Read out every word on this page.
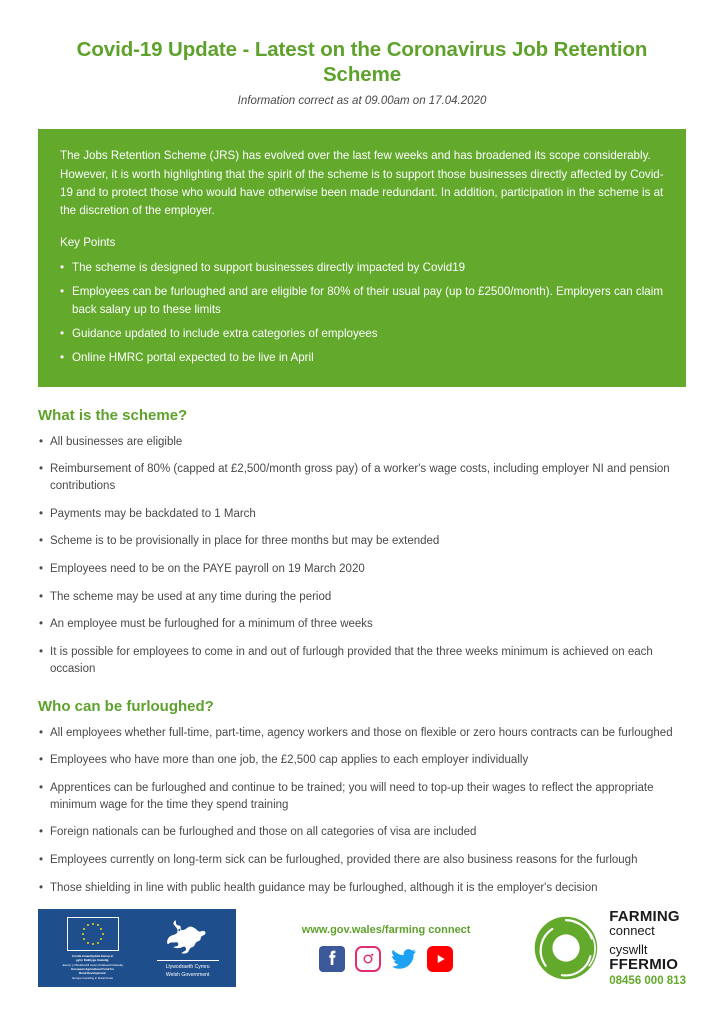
Covid-19 Update - Latest on the Coronavirus Job Retention Scheme

Information correct as at 09.00am on 17.04.2020

The Jobs Retention Scheme (JRS) has evolved over the last few weeks and has broadened its scope considerably. However, it is worth highlighting that the spirit of the scheme is to support those businesses directly affected by Covid-19 and to protect those who would have otherwise been made redundant. In addition, participation in the scheme is at the discretion of the employer.

Key Points

• The scheme is designed to support businesses directly impacted by Covid19
• Employees can be furloughed and are eligible for 80% of their usual pay (up to £2500/month). Employers can claim back salary up to these limits
• Guidance updated to include extra categories of employees
• Online HMRC portal expected to be live in April
What is the scheme?
• All businesses are eligible
• Reimbursement of 80% (capped at £2,500/month gross pay) of a worker's wage costs, including employer NI and pension contributions
• Payments may be backdated to 1 March
• Scheme is to be provisionally in place for three months but may be extended
• Employees need to be on the PAYE payroll on 19 March 2020
• The scheme may be used at any time during the period
• An employee must be furloughed for a minimum of three weeks
• It is possible for employees to come in and out of furlough provided that the three weeks minimum is achieved on each occasion
Who can be furloughed?
• All employees whether full-time, part-time, agency workers and those on flexible or zero hours contracts can be furloughed
• Employees who have more than one job, the £2,500 cap applies to each employer individually
• Apprentices can be furloughed and continue to be trained; you will need to top-up their wages to reflect the appropriate minimum wage for the time they spend training
• Foreign nationals can be furloughed and those on all categories of visa are included
• Employees currently on long-term sick can be furloughed, provided there are also business reasons for the furlough
• Those shielding in line with public health guidance may be furloughed, although it is the employer's decision
Cronfa Amaethyddol Ewrop ar
gyfer Datblygu Gwledig:
Ewrop yn Buddsoddi mewn Ardaloedd Gwledig
European Agricultural Fund for
Rural Development:
Europe Investing in Rural Areas
Llywodraeth Cymru
Welsh Government
www.gov.wales/farming connect
FARMING
connect
cyswllt
FFERMIO
08456 000 813
